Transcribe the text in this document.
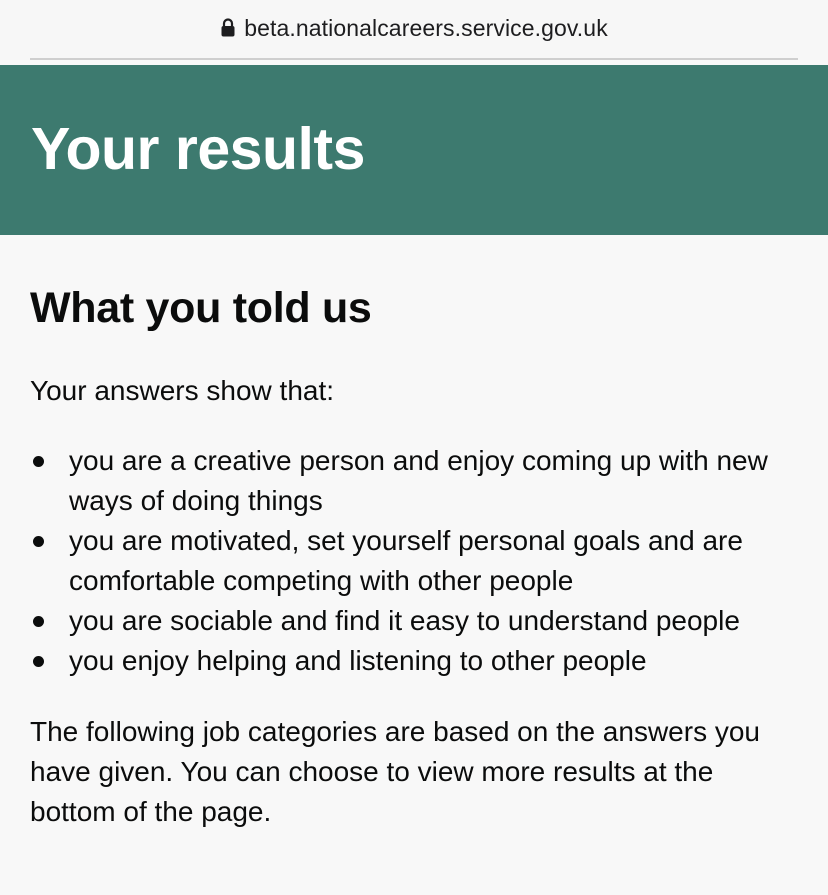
beta.nationalcareers.service.gov.uk
Your results
What you told us

Your answers show that:

you are a creative person and enjoy coming up with new ways of doing things
you are motivated, set yourself personal goals and are comfortable competing with other people
you are sociable and find it easy to understand people
you enjoy helping and listening to other people

The following job categories are based on the answers you have given. You can choose to view more results at the bottom of the page.
